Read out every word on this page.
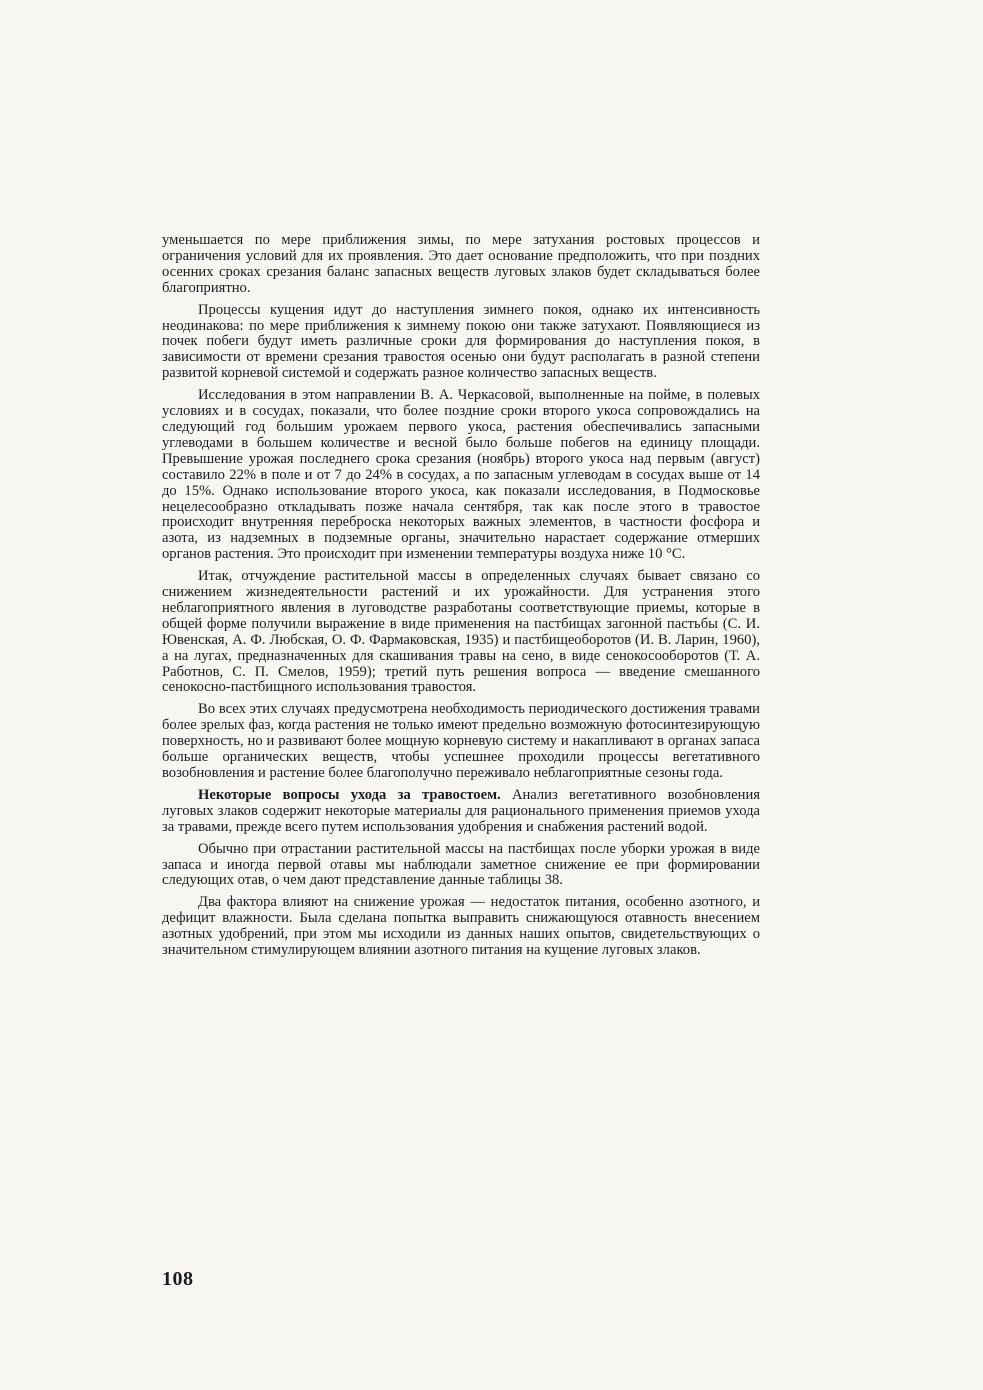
уменьшается по мере приближения зимы, по мере затухания ростовых процессов и ограничения условий для их проявления. Это дает основание предположить, что при поздних осенних сроках срезания баланс запасных веществ луговых злаков будет складываться более благоприятно.

Процессы кущения идут до наступления зимнего покоя, однако их интенсивность неодинакова: по мере приближения к зимнему покою они также затухают. Появляющиеся из почек побеги будут иметь различные сроки для формирования до наступления покоя, в зависимости от времени срезания травостоя осенью они будут располагать в разной степени развитой корневой системой и содержать разное количество запасных веществ.

Исследования в этом направлении В. А. Черкасовой, выполненные на пойме, в полевых условиях и в сосудах, показали, что более поздние сроки второго укоса сопровождались на следующий год большим урожаем первого укоса, растения обеспечивались запасными углеводами в большем количестве и весной было больше побегов на единицу площади. Превышение урожая последнего срока срезания (ноябрь) второго укоса над первым (август) составило 22% в поле и от 7 до 24% в сосудах, а по запасным углеводам в сосудах выше от 14 до 15%. Однако использование второго укоса, как показали исследования, в Подмосковье нецелесообразно откладывать позже начала сентября, так как после этого в травостое происходит внутренняя переброска некоторых важных элементов, в частности фосфора и азота, из надземных в подземные органы, значительно нарастает содержание отмерших органов растения. Это происходит при изменении температуры воздуха ниже 10 °С.

Итак, отчуждение растительной массы в определенных случаях бывает связано со снижением жизнедеятельности растений и их урожайности. Для устранения этого неблагоприятного явления в луговодстве разработаны соответствующие приемы, которые в общей форме получили выражение в виде применения на пастбищах загонной пастьбы (С. И. Ювенская, А. Ф. Любская, О. Ф. Фармаковская, 1935) и пастбищеоборотов (И. В. Ларин, 1960), а на лугах, предназначенных для скашивания травы на сено, в виде сенокосооборотов (Т. А. Работнов, С. П. Смелов, 1959); третий путь решения вопроса — введение смешанного сенокосно-пастбищного использования травостоя.

Во всех этих случаях предусмотрена необходимость периодического достижения травами более зрелых фаз, когда растения не только имеют предельно возможную фотосинтезирующую поверхность, но и развивают более мощную корневую систему и накапливают в органах запаса больше органических веществ, чтобы успешнее проходили процессы вегетативного возобновления и растение более благополучно переживало неблагоприятные сезоны года.

Некоторые вопросы ухода за травостоем. Анализ вегетативного возобновления луговых злаков содержит некоторые материалы для рационального применения приемов ухода за травами, прежде всего путем использования удобрения и снабжения растений водой.

Обычно при отрастании растительной массы на пастбищах после уборки урожая в виде запаса и иногда первой отавы мы наблюдали заметное снижение ее при формировании следующих отав, о чем дают представление данные таблицы 38.

Два фактора влияют на снижение урожая — недостаток питания, особенно азотного, и дефицит влажности. Была сделана попытка выправить снижающуюся отавность внесением азотных удобрений, при этом мы исходили из данных наших опытов, свидетельствующих о значительном стимулирующем влиянии азотного питания на кущение луговых злаков.

108
